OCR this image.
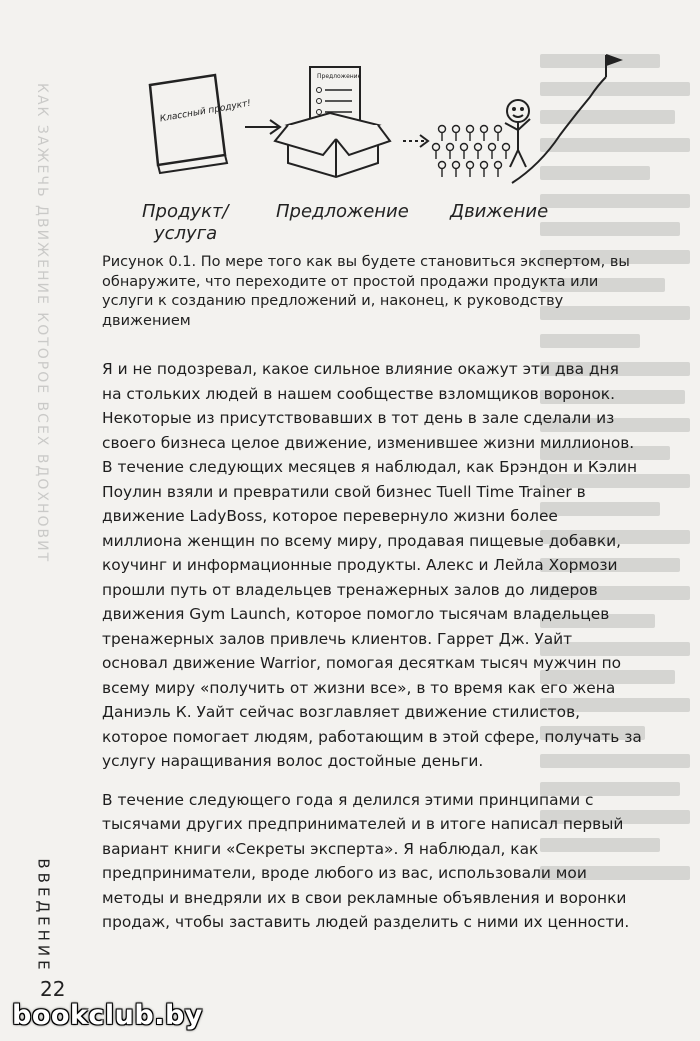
КАК ЗАЖЕЧЬ ДВИЖЕНИЕ КОТОРОЕ ВСЕХ ВДОХНОВИТ
ВВЕДЕНИЕ
Классный продукт!
Предложение
Продукт/
услуга
Предложение Движение
Рисунок 0.1. По мере того как вы будете становиться экспертом, вы обнаружите, что переходите от простой продажи продукта или услуги к созданию предложений и, наконец, к руководству движением

Я и не подозревал, какое сильное влияние окажут эти два дня на стольких людей в нашем сообществе взломщиков воронок. Некоторые из присутствовавших в тот день в зале сделали из своего бизнеса целое движение, изменившее жизни миллионов. В течение следующих месяцев я наблюдал, как Брэндон и Кэлин Поулин взяли и превратили свой бизнес Tuell Time Trainer в движение LadyBoss, которое перевернуло жизни более миллиона женщин по всему миру, продавая пищевые добавки, коучинг и информационные продукты. Алекс и Лейла Хормози прошли путь от владельцев тренажерных залов до лидеров движения Gym Launch, которое помогло тысячам владельцев тренажерных залов привлечь клиентов. Гаррет Дж. Уайт основал движение Warrior, помогая десяткам тысяч мужчин по всему миру «получить от жизни все», в то время как его жена Даниэль К. Уайт сейчас возглавляет движение стилистов, которое помогает людям, работающим в этой сфере, получать за услугу наращивания волос достойные деньги.

В течение следующего года я делился этими принципами с тысячами других предпринимателей и в итоге написал первый вариант книги «Секреты эксперта». Я наблюдал, как предприниматели, вроде любого из вас, использовали мои методы и внедряли их в свои рекламные объявления и воронки продаж, чтобы заставить людей разделить с ними их ценности.

22
bookclub.by
